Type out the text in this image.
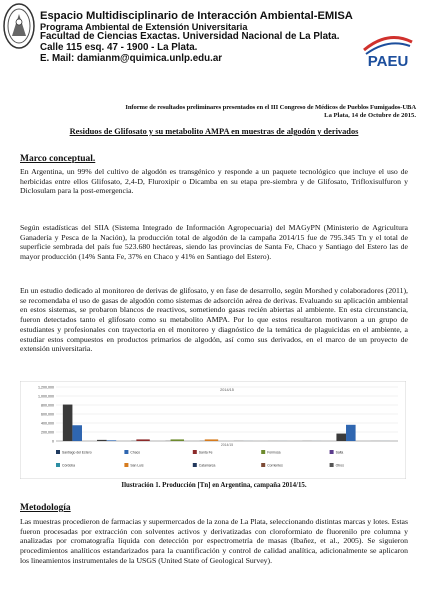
Espacio Multidisciplinario de Interacción Ambiental-EMISA
Programa Ambiental de Extensión Universitaria
Facultad de Ciencias Exactas. Universidad Nacional de La Plata.
Calle 115 esq. 47 - 1900 - La Plata.
E. Mail: damianm@quimica.unlp.edu.ar	PAEU
Informe de resultados preliminares presentados en el III Congreso de Médicos de Pueblos Fumigados-UBA
La Plata, 14 de Octubre de 2015.
Residuos de Glifosato y su metabolito AMPA en muestras de algodón y derivados
Marco conceptual.
En Argentina, un 99% del cultivo de algodón es transgénico y responde a un paquete tecnológico que incluye el uso de herbicidas entre ellos Glifosato, 2,4-D, Fluroxipir o Dicamba en su etapa pre-siembra y de Glifosato, Trifloxisulfuron y Diclosulam para la post-emergencia.
Según estadísticas del SIIA (Sistema Integrado de Información Agropecuaria) del MAGyPN (Ministerio de Agricultura Ganadería y Pesca de la Nación), la producción total de algodón de la campaña 2014/15 fue de 795.345 Tn y el total de superficie sembrada del país fue 523.680 hectáreas, siendo las provincias de Santa Fe, Chaco y Santiago del Estero las de mayor producción (14% Santa Fe, 37% en Chaco y 41% en Santiago del Estero).
En un estudio dedicado al monitoreo de derivas de glifosato, y en fase de desarrollo, según Morshed y colaboradores (2011), se recomendaba el uso de gasas de algodón como sistemas de adsorción aérea de derivas. Evaluando su aplicación ambiental en estos sistemas, se probaron blancos de reactivos, sometiendo gasas recién abiertas al ambiente. En esta circunstancia, fueron detectados tanto el glifosato como su metabolito AMPA. Por lo que estos resultaron motivaron a un grupo de estudiantes y profesionales con trayectoria en el monitoreo y diagnóstico de la temática de plaguicidas en el ambiente, a estudiar estos compuestos en productos primarios de algodón, así como sus derivados, en el marco de un proyecto de extensión universitaria.
0
200,000
400,000
600,000
800,000
1,000,000
1,200,000
2014/15
2014/15
Santiago del Estero	Chaco	Santa Fe	Formosa	Salta
Córdoba	San Luis	Catamarca	Corrientes	Otros
Ilustración 1. Producción [Tn] en Argentina, campaña 2014/15.
Metodología
Las muestras procedieron de farmacias y supermercados de la zona de La Plata, seleccionando distintas marcas y lotes. Estas fueron procesadas por extracción con solventes activos y derivatizadas con cloroformiato de fluorenilo pre columna y analizadas por cromatografía líquida con detección por espectrometría de masas (Ibañez, et al., 2005). Se siguieron procedimientos analíticos estandarizados para la cuantificación y control de calidad analítica, adicionalmente se aplicaron los lineamientos instrumentales de la USGS (United State of Geological Survey).
